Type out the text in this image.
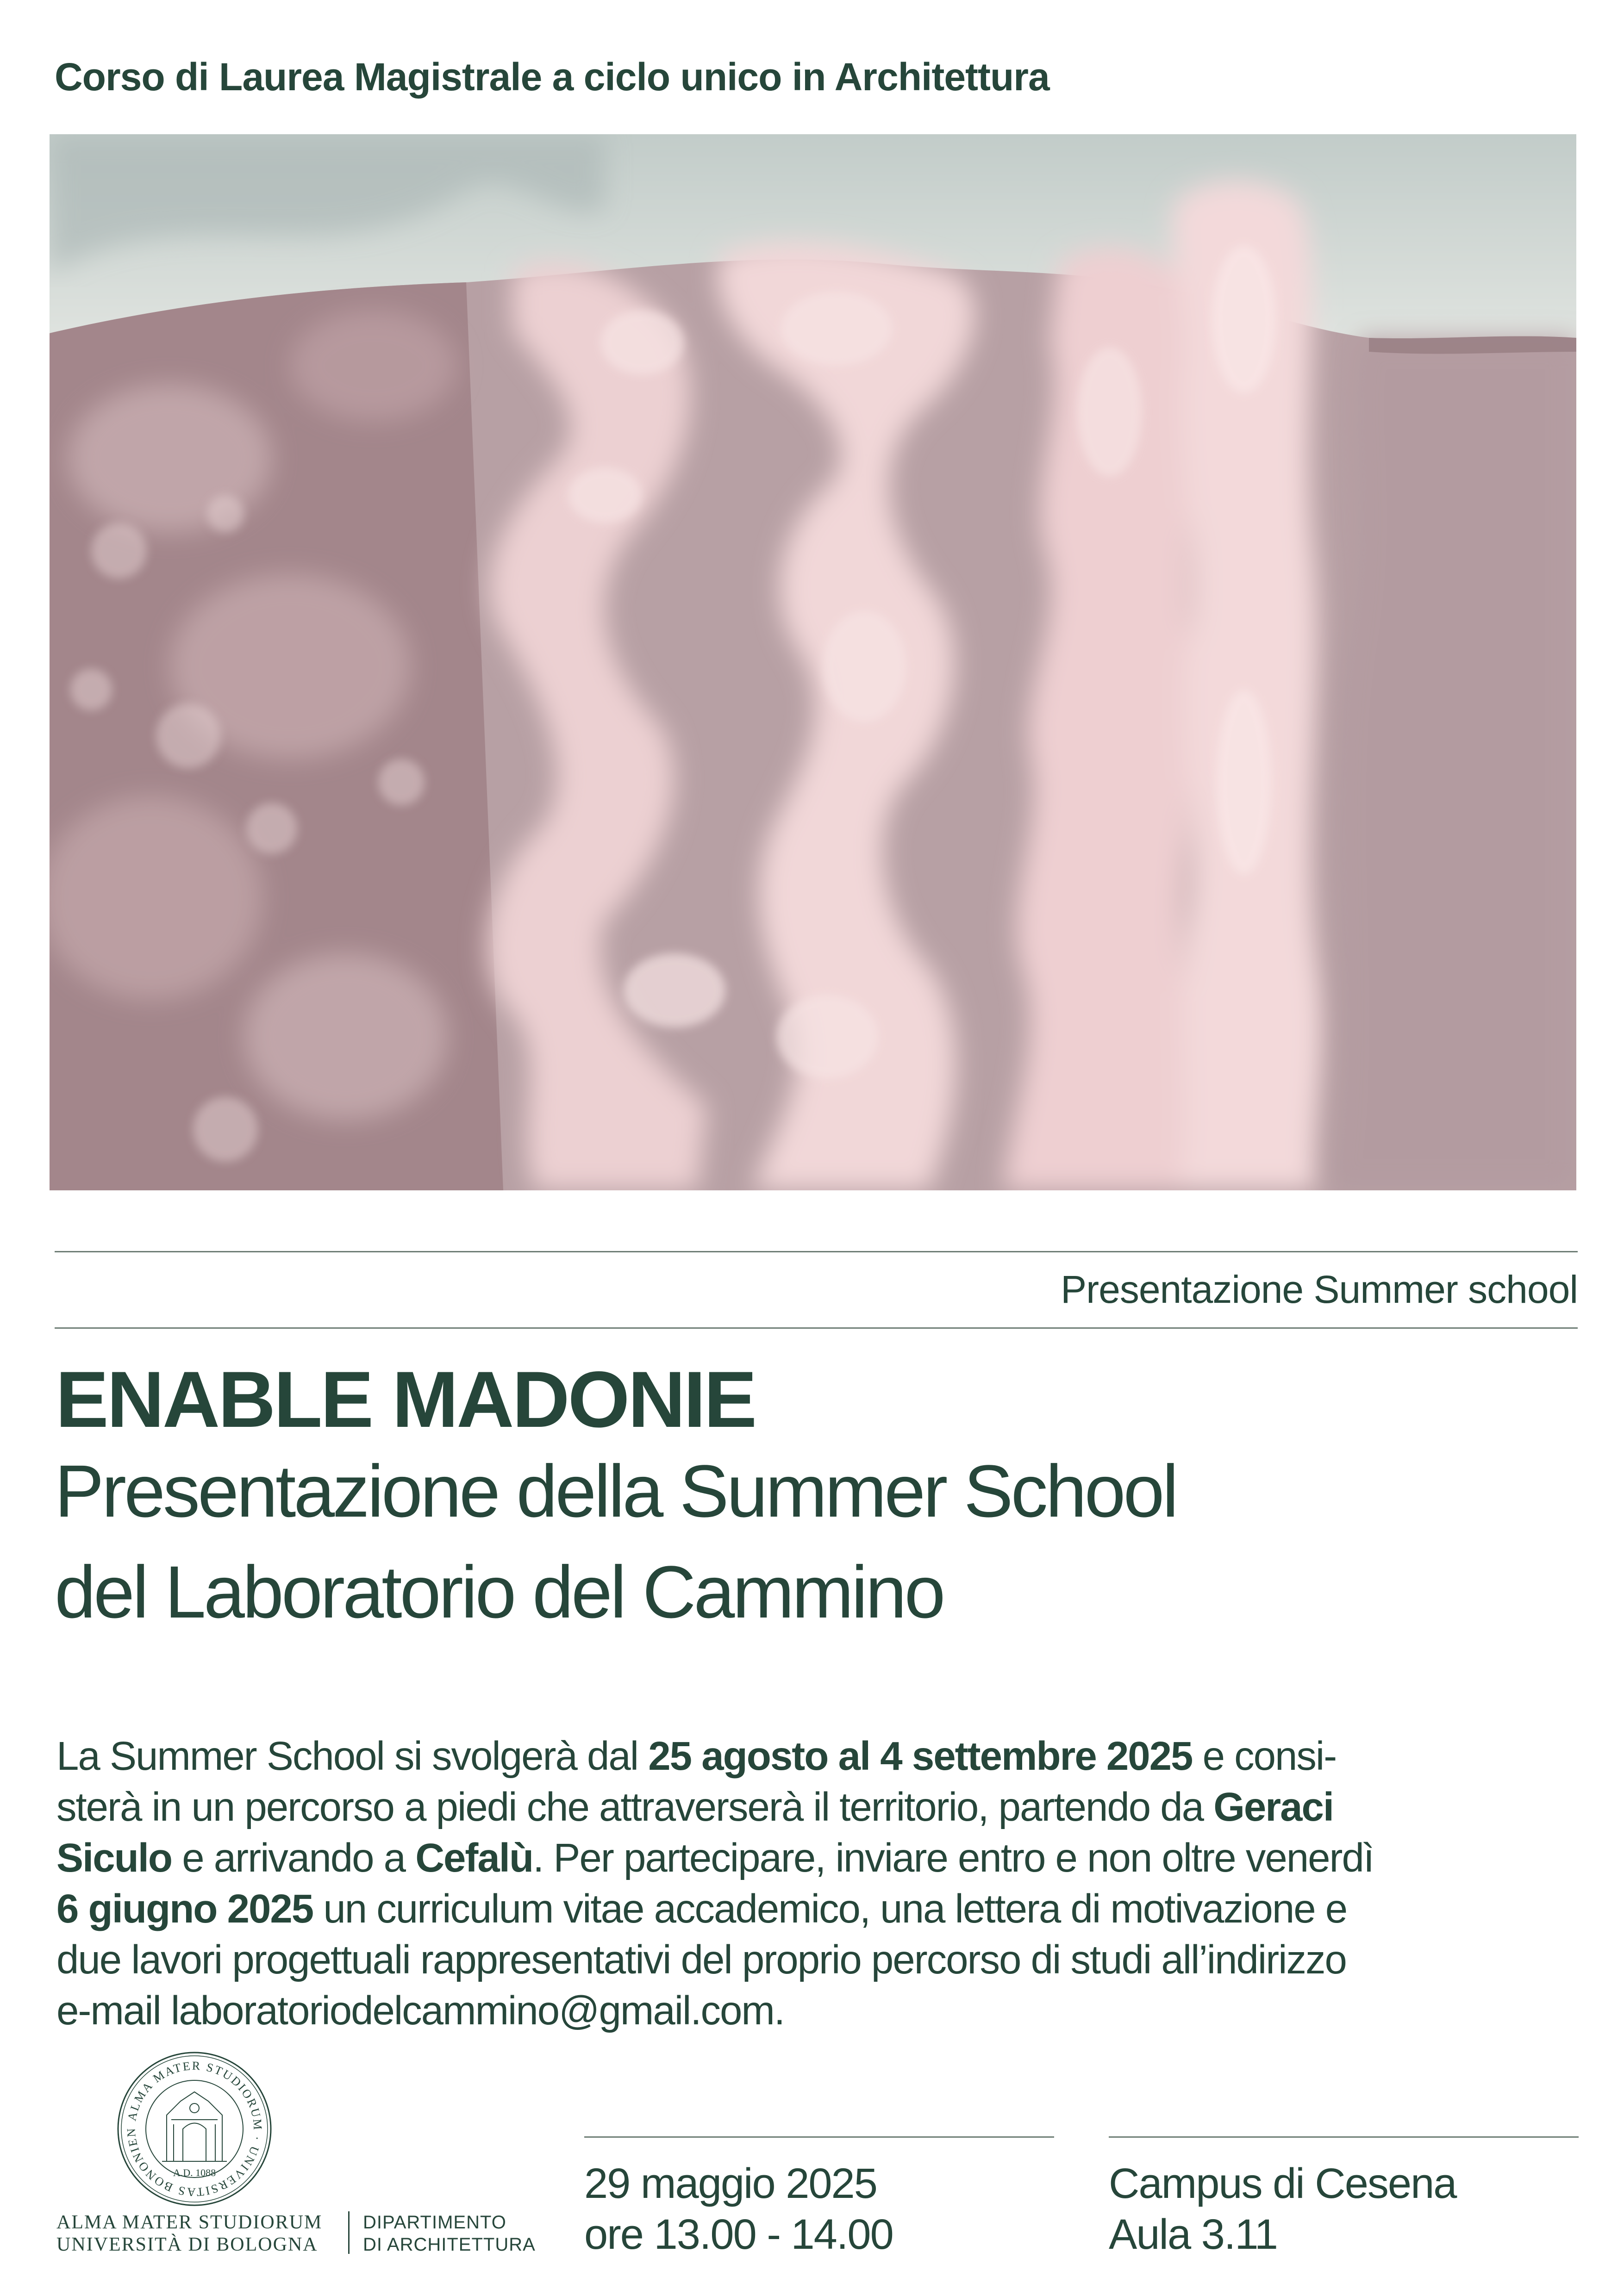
Corso di Laurea Magistrale a ciclo unico in Architettura
Presentazione Summer school
ENABLE MADONIE
Presentazione della Summer School
del Laboratorio del Cammino
La Summer School si svolgerà dal 25 agosto al 4 settembre 2025 e consi-
sterà in un percorso a piedi che attraverserà il territorio, partendo da Geraci
Siculo e arrivando a Cefalù. Per partecipare, inviare entro e non oltre venerdì
6 giugno 2025 un curriculum vitae accademico, una lettera di motivazione e
due lavori progettuali rappresentativi del proprio percorso di studi all’indirizzo
e-mail laboratoriodelcammino@gmail.com.
ALMA MATER STUDIORUM · UNIVERSITAS BONONIEN
A.D. 1088
ALMA MATER STUDIORUM
UNIVERSITÀ DI BOLOGNA
DIPARTIMENTO
DI ARCHITETTURA
29 maggio 2025
ore 13.00 - 14.00
Campus di Cesena
Aula 3.11
